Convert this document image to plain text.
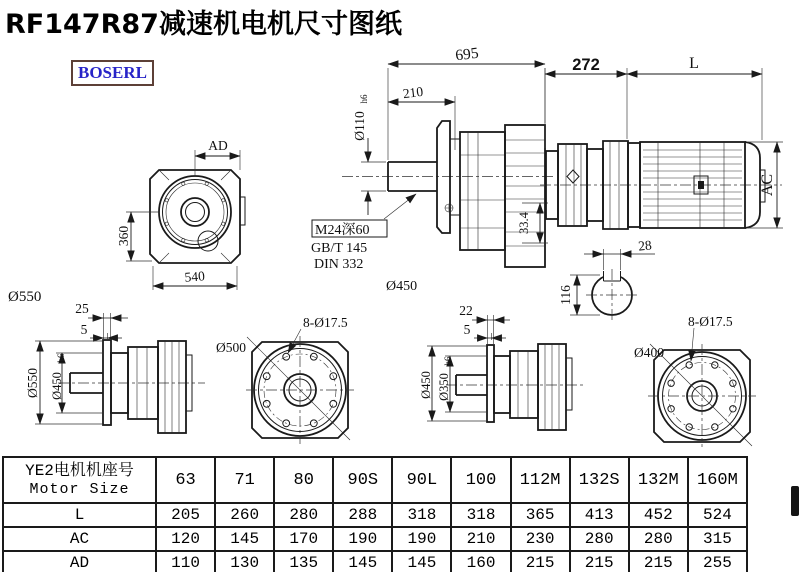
RF147R87减速机电机尺寸图纸
BOSERL
AD
360
540
Ø550
695
210
Ø110
h6
33.4
M24深60
GB/T 145
DIN 332
Ø450
272	L
AC
28
116
25
5
Ø550 Ø450
h6
8-Ø17.5
Ø500
22
5
Ø450 Ø350
h6
8-Ø17.5
Ø400
YE2电机机座号
Motor Size	63	71	80	90S	90L	100	112M	132S	132M	160M
L	205	260	280	288	318	318	365	413	452	524
AC	120	145	170	190	190	210	230	280	280	315
AD	110	130	135	145	145	160	215	215	215	255
